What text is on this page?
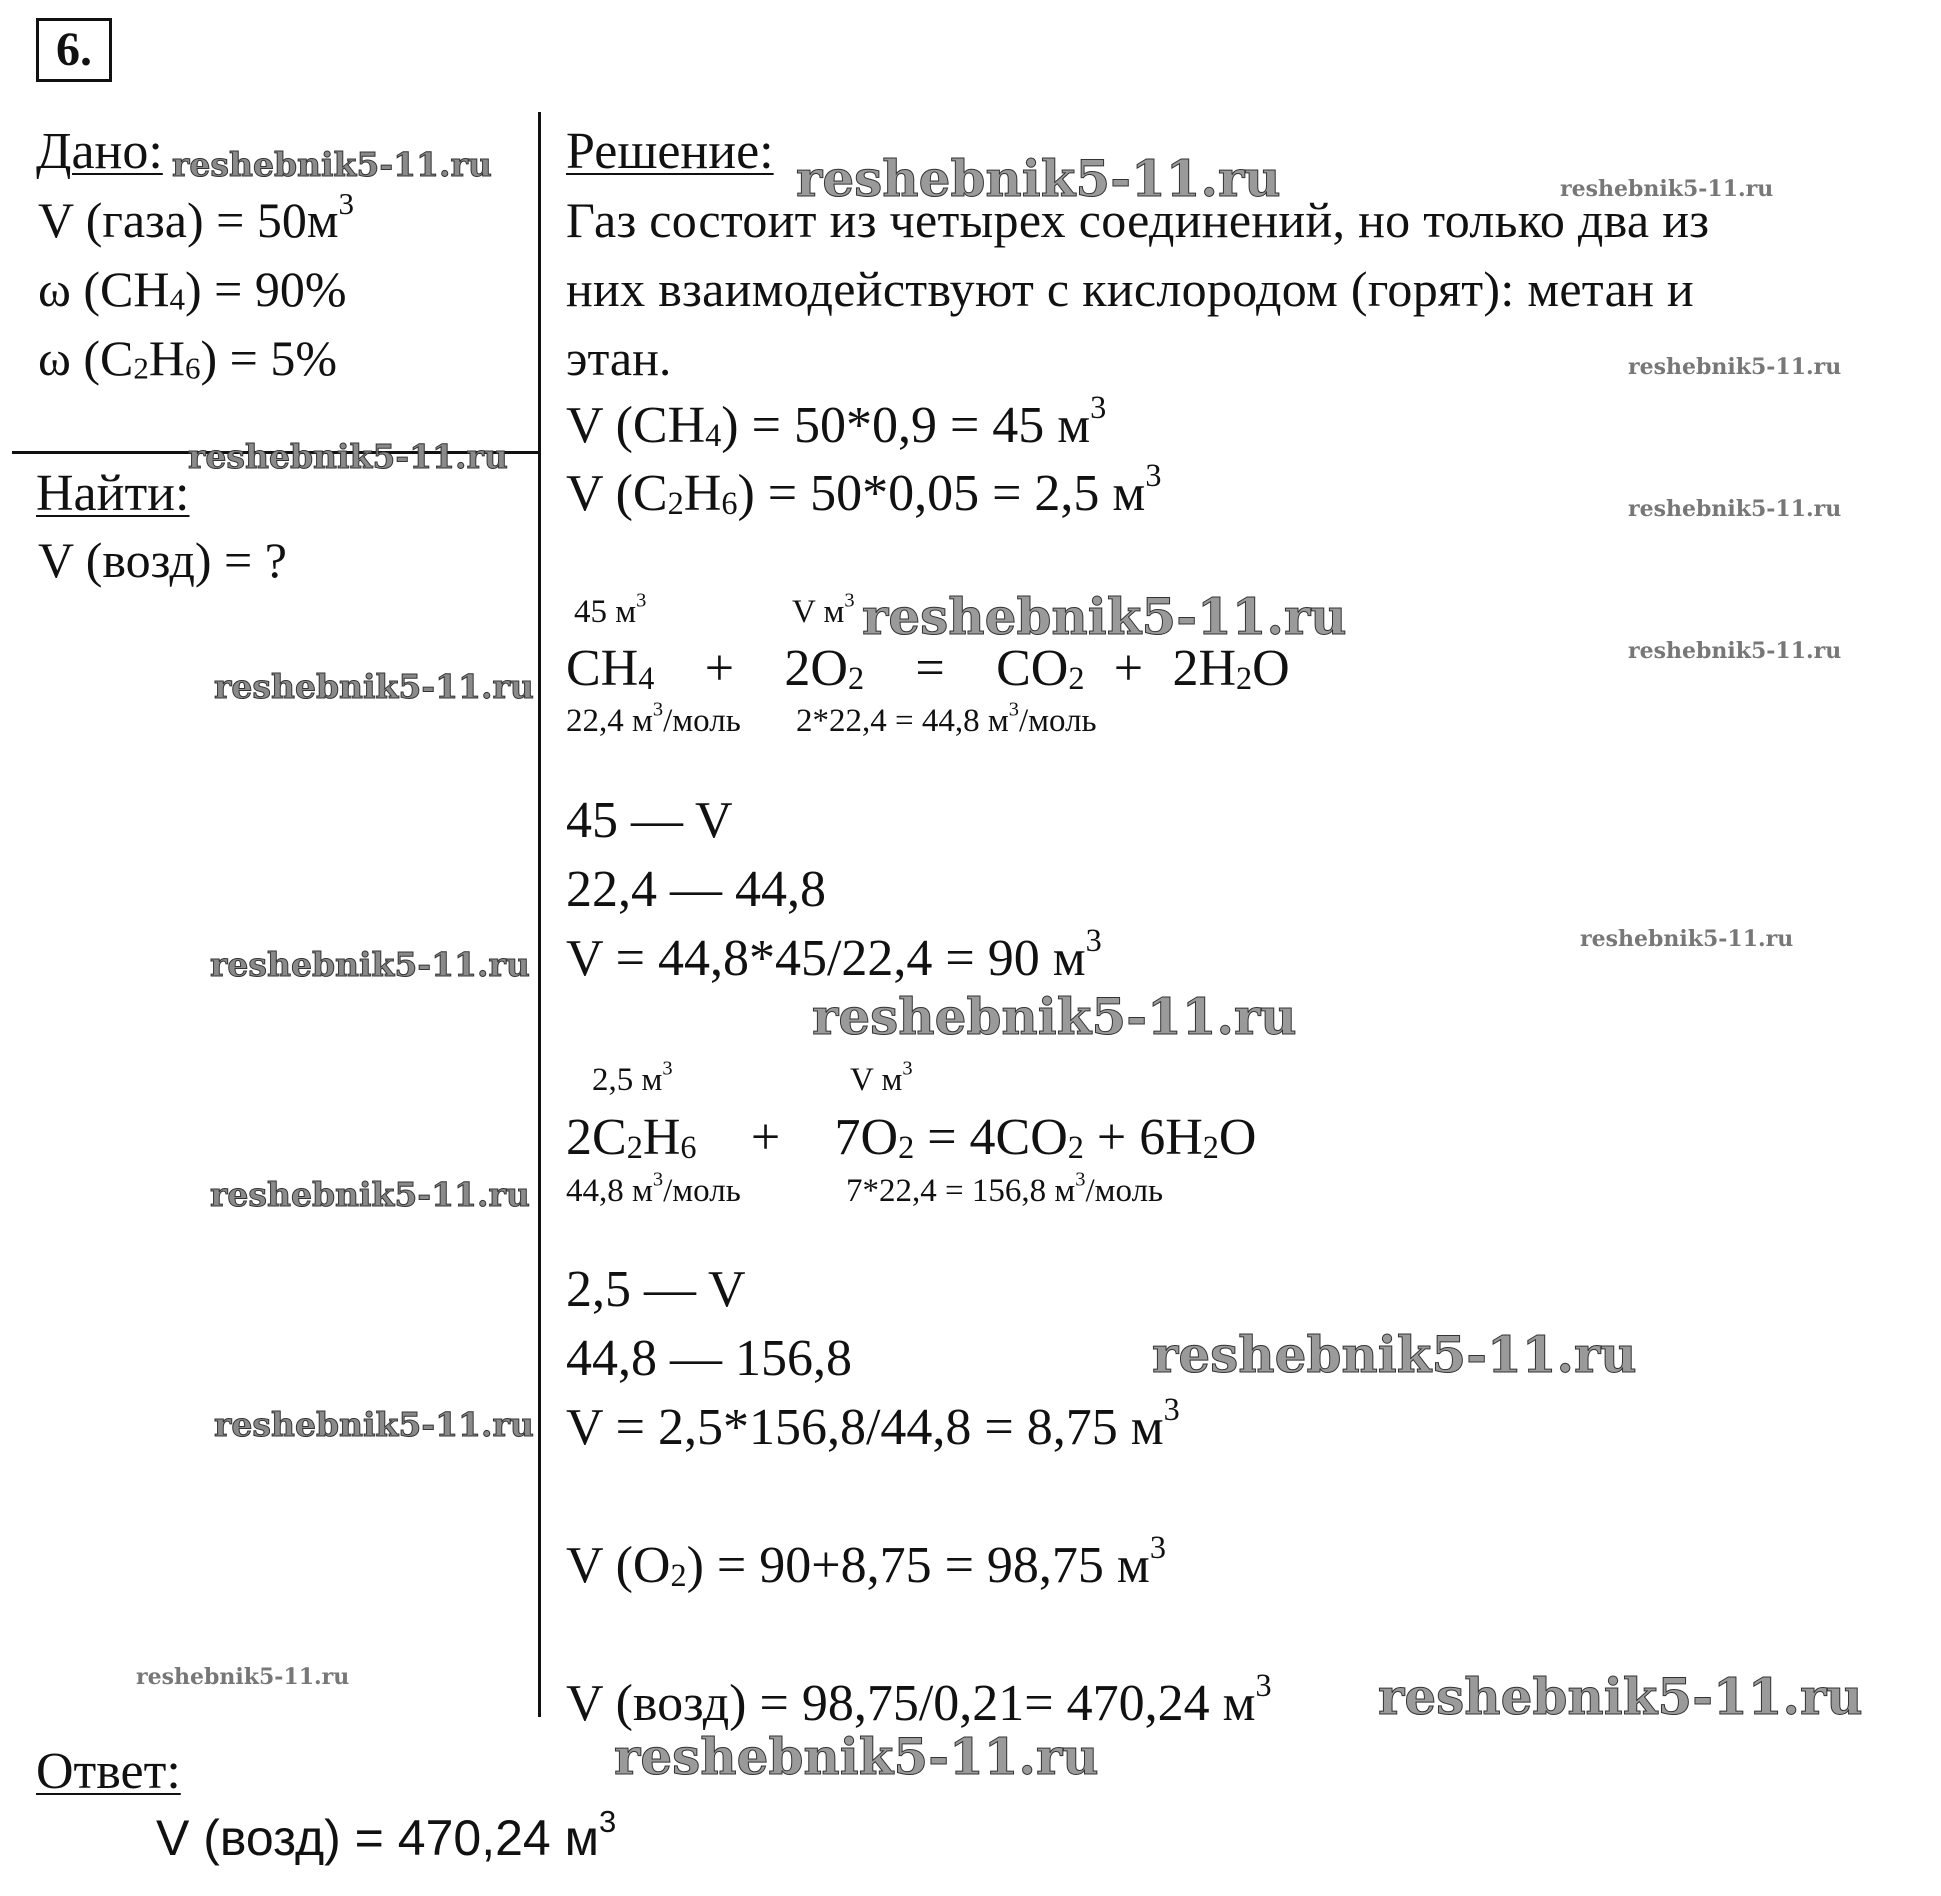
6.
Дано:
V (газа) = $50м^3$
ω $(CH_4) = 90\%$
ω $(C_2H_6) = 5\%$
Найти:
V (возд) = ?
Решение:
Газ состоит из четырех соединений, но только два из
них взаимодействуют с кислородом (горят): метан и
этан.
V $(CH_4) = 50*0,9 = 45$ $м^3$
V $(C_2H_6) = 50*0,05 = 2,5$ $м^3$
45 $м^3$	V $м^3$
$CH_4 + 2O_2 = CO_2 + 2H_2O$
22,4 $м^3$/моль 2*22,4 = 44,8 $м^3$/моль
45 — V
22,4 — 44,8
V = 44,8*45/22,4 = 90 $м^3$
2,5 $м^3$	V $м^3$
$2C_2H_6 + 7O_2 = 4CO_2 + 6H_2O$
44,8 $м^3$/моль	7*22,4 = 156,8 $м^3$/моль
2,5 — V
44,8 — 156,8
V = 2,5*156,8/44,8 = 8,75 $м^3$
V $(O_2) = 90+8,75 = 98,75$ $м^3$
V (возд) = 98,75/0,21= 470,24 $м^3$
Ответ:
V (возд) = 470,24 $м^3$
reshebnik5-11.ru	reshebnik5-11.ru	reshebnik5-11.ru
reshebnik5-11.ru
reshebnik5-11.ru
reshebnik5-11.ru
reshebnik5-11.ru
reshebnik5-11.ru
reshebnik5-11.ru
reshebnik5-11.ru
reshebnik5-11.ru
reshebnik5-11.ru
reshebnik5-11.ru
reshebnik5-11.ru
reshebnik5-11.ru
reshebnik5-11.ru	reshebnik5-11.ru
reshebnik5-11.ru
